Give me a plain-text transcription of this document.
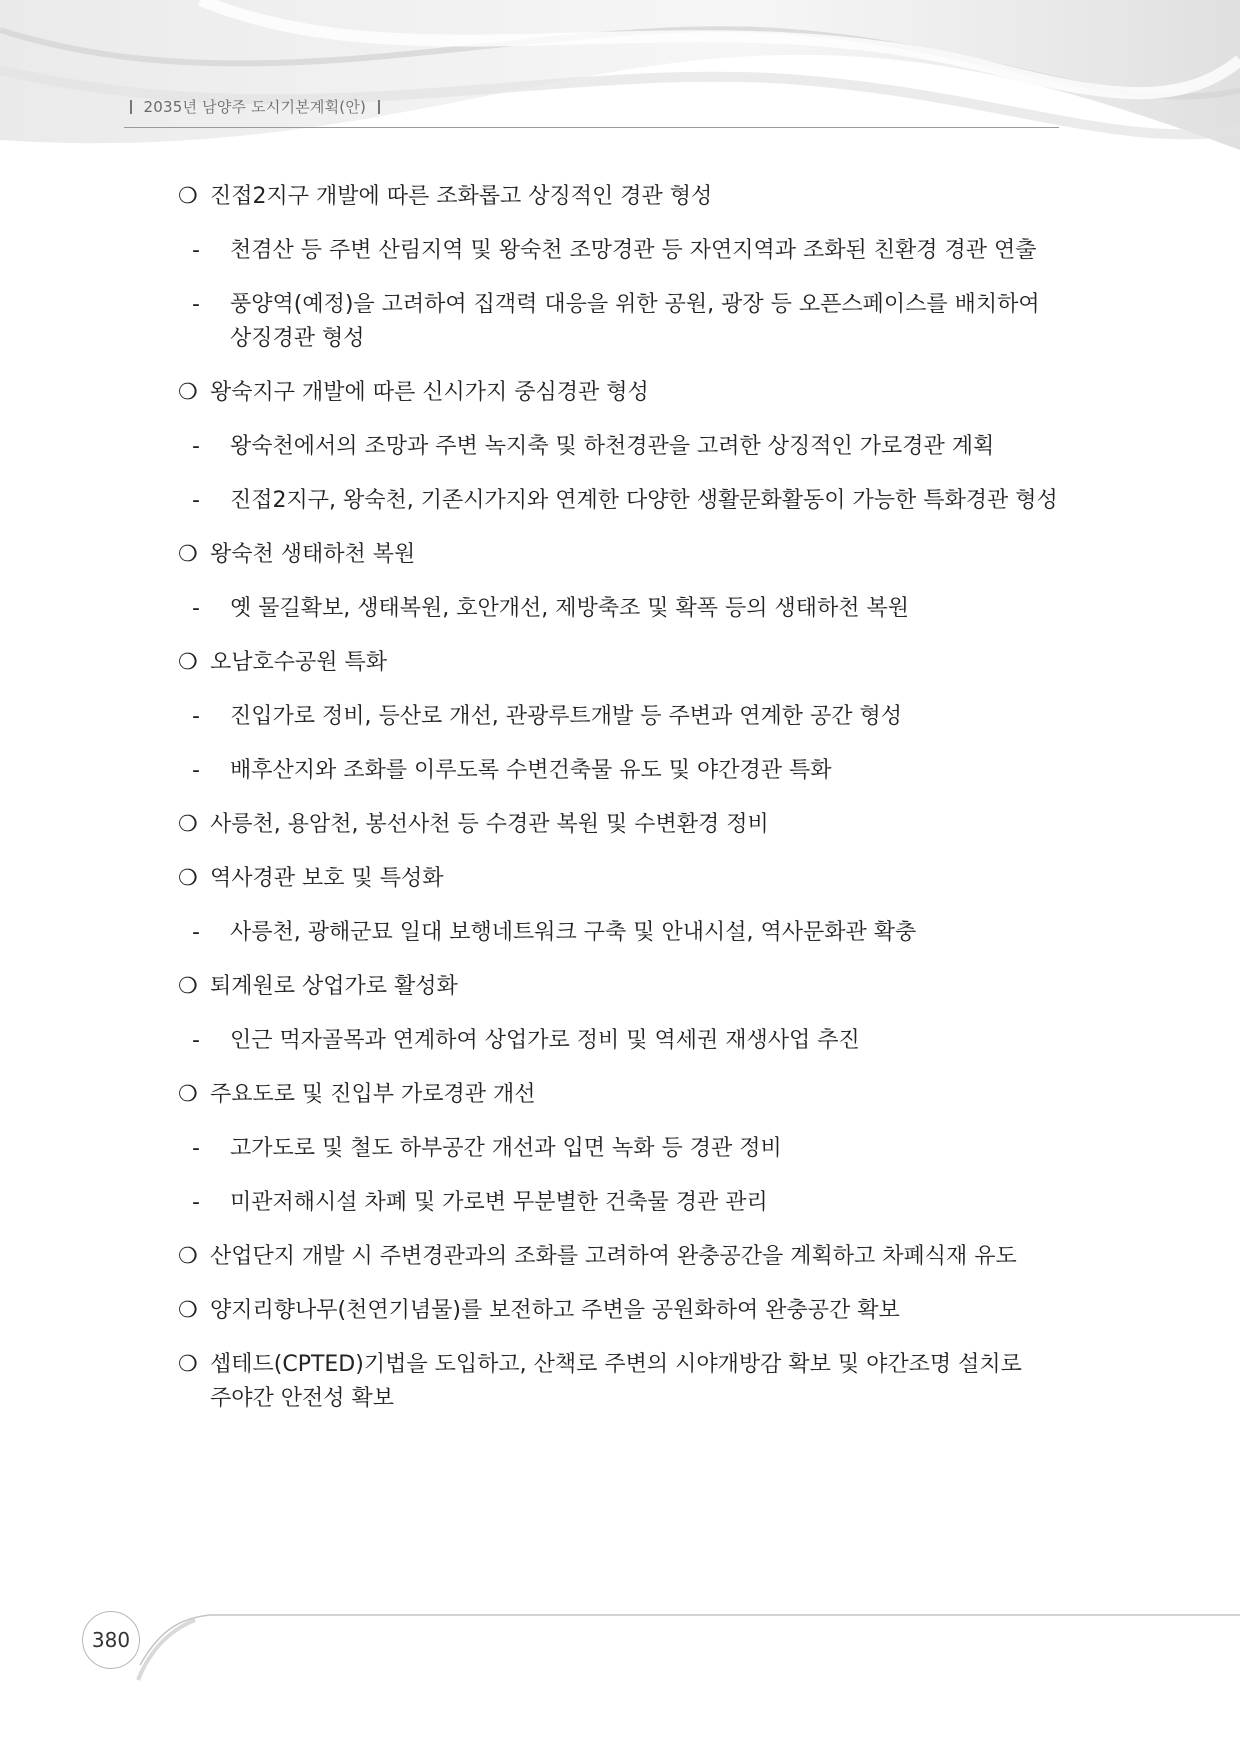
2035년 남양주 도시기본계획(안)
❍ 진접2지구 개발에 따른 조화롭고 상징적인 경관 형성
- 천겸산 등 주변 산림지역 및 왕숙천 조망경관 등 자연지역과 조화된 친환경 경관 연출
- 풍양역(예정)을 고려하여 집객력 대응을 위한 공원, 광장 등 오픈스페이스를 배치하여 상징경관 형성
❍ 왕숙지구 개발에 따른 신시가지 중심경관 형성
- 왕숙천에서의 조망과 주변 녹지축 및 하천경관을 고려한 상징적인 가로경관 계획
- 진접2지구, 왕숙천, 기존시가지와 연계한 다양한 생활문화활동이 가능한 특화경관 형성
❍ 왕숙천 생태하천 복원
- 옛 물길확보, 생태복원, 호안개선, 제방축조 및 확폭 등의 생태하천 복원
❍ 오남호수공원 특화
- 진입가로 정비, 등산로 개선, 관광루트개발 등 주변과 연계한 공간 형성
- 배후산지와 조화를 이루도록 수변건축물 유도 및 야간경관 특화
❍ 사릉천, 용암천, 봉선사천 등 수경관 복원 및 수변환경 정비
❍ 역사경관 보호 및 특성화
- 사릉천, 광해군묘 일대 보행네트워크 구축 및 안내시설, 역사문화관 확충
❍ 퇴계원로 상업가로 활성화
- 인근 먹자골목과 연계하여 상업가로 정비 및 역세권 재생사업 추진
❍ 주요도로 및 진입부 가로경관 개선
- 고가도로 및 철도 하부공간 개선과 입면 녹화 등 경관 정비
- 미관저해시설 차폐 및 가로변 무분별한 건축물 경관 관리
❍ 산업단지 개발 시 주변경관과의 조화를 고려하여 완충공간을 계획하고 차폐식재 유도
❍ 양지리향나무(천연기념물)를 보전하고 주변을 공원화하여 완충공간 확보
❍ 셉테드(CPTED)기법을 도입하고, 산책로 주변의 시야개방감 확보 및 야간조명 설치로 주야간 안전성 확보
380
